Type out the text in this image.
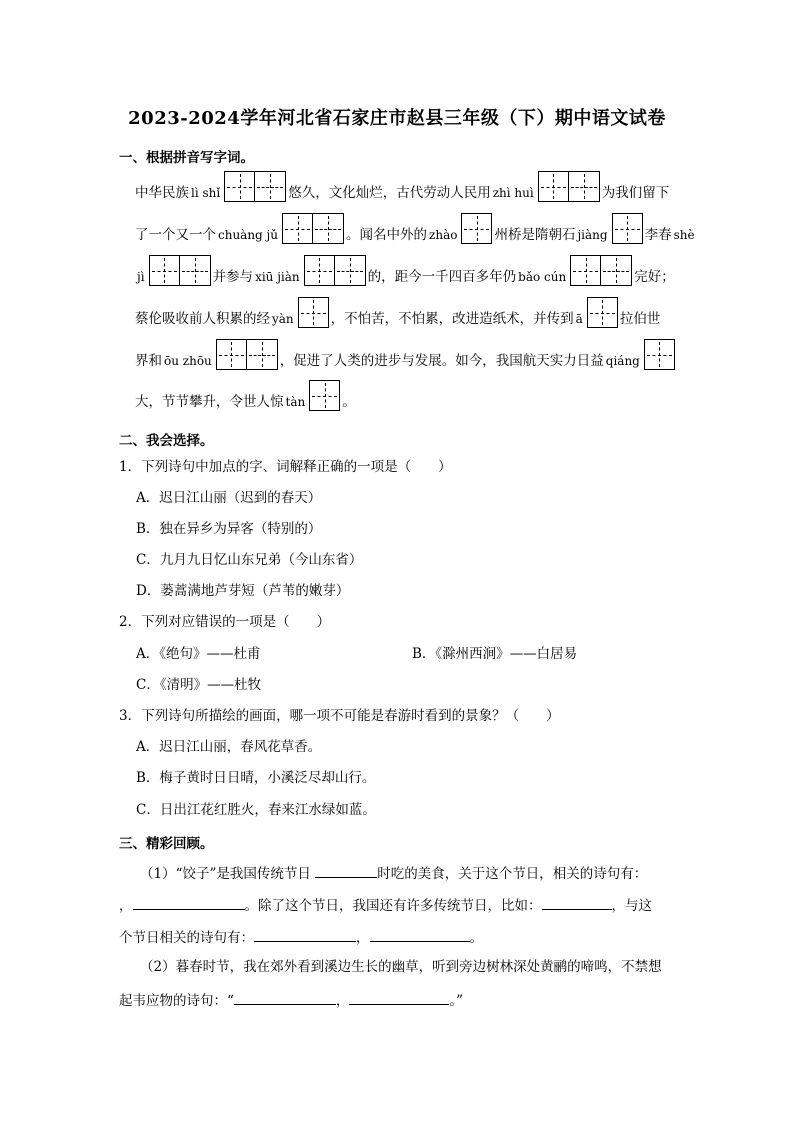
2023-2024学年河北省石家庄市赵县三年级（下）期中语文试卷
一、根据拼音写字词。
中华民族 lì shǐ	悠久，文化灿烂，古代劳动人民用 zhì huì	为我们留下
了一个又一个 chuàng jǔ	。闻名中外的 zhào	州桥是隋朝石 jiàng	李春 shè
jì	并参与 xiū jiàn	的，距今一千四百多年仍 bǎo cún	完好；
蔡伦吸收前人积累的经 yàn	，不怕苦，不怕累，改进造纸术，并传到 ā	拉伯世
界和 ōu zhōu	，促进了人类的进步与发展。如今，我国航天实力日益 qiáng
大，节节攀升，令世人惊 tàn	。
二、我会选择。
1．下列诗句中加点的字、词解释正确的一项是（　　）
A．迟日江山丽（迟到的春天）
B．独在异乡为异客（特别的）
C．九月九日忆山东兄弟（今山东省）
D．蒌蒿满地芦芽短（芦苇的嫩芽）
2．下列对应错误的一项是（　　）
A．《绝句》——杜甫	B．《滁州西涧》——白居易
C．《清明》——杜牧
3．下列诗句所描绘的画面，哪一项不可能是春游时看到的景象？（　　）
A．迟日江山丽，春风花草香。
B．梅子黄时日日晴，小溪泛尽却山行。
C．日出江花红胜火，春来江水绿如蓝。
三、精彩回顾。
（1）“饺子”是我国传统节日	时吃的美食，关于这个节日，相关的诗句有：
，	。除了这个节日，我国还有许多传统节日，比如：	，与这
个节日相关的诗句有：	，	。
（2）暮春时节，我在郊外看到溪边生长的幽草，听到旁边树林深处黄鹂的啼鸣，不禁想
起韦应物的诗句：“	，	。”
